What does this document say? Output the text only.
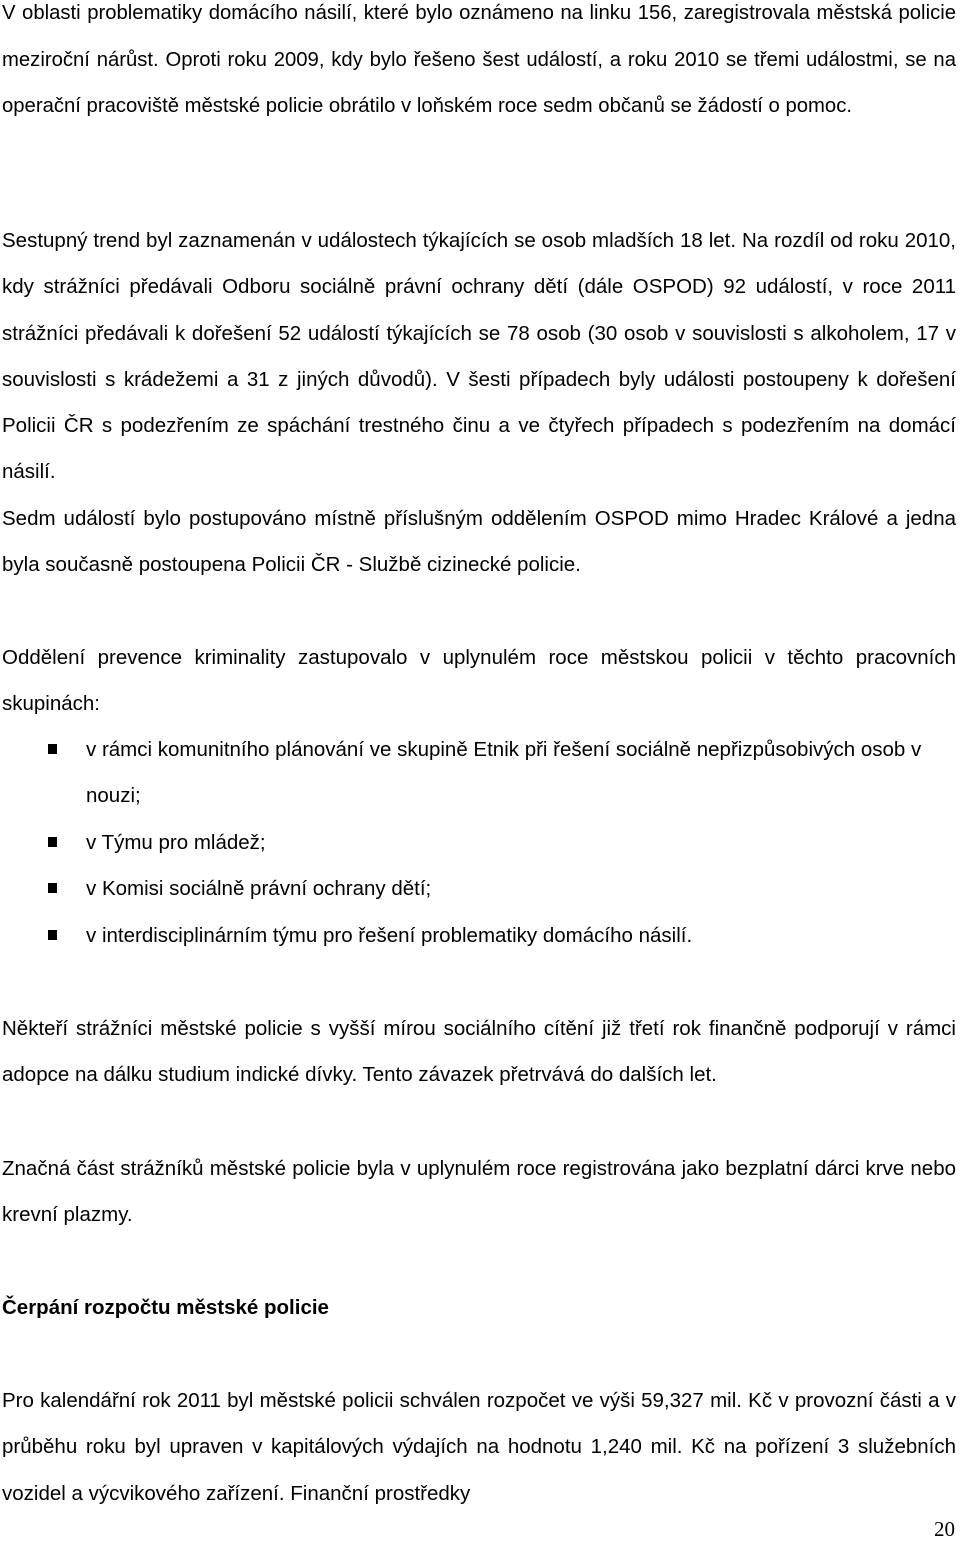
V oblasti problematiky domácího násilí, které bylo oznámeno na linku 156, zaregistrovala městská policie meziroční nárůst. Oproti roku 2009, kdy bylo řešeno šest událostí, a roku 2010 se třemi událostmi, se na operační pracoviště městské policie obrátilo v loňském roce sedm občanů se žádostí o pomoc.

Sestupný trend byl zaznamenán v událostech týkajících se osob mladších 18 let. Na rozdíl od roku 2010, kdy strážníci předávali Odboru sociálně právní ochrany dětí (dále OSPOD) 92 událostí, v roce 2011 strážníci předávali k dořešení 52 událostí týkajících se 78 osob (30 osob v souvislosti s alkoholem, 17 v souvislosti s krádežemi a 31 z jiných důvodů). V šesti případech byly události postoupeny k dořešení Policii ČR s podezřením ze spáchání trestného činu a ve čtyřech případech s podezřením na domácí násilí.

Sedm událostí bylo postupováno místně příslušným oddělením OSPOD mimo Hradec Králové a jedna byla současně postoupena Policii ČR - Službě cizinecké policie.

Oddělení prevence kriminality zastupovalo v uplynulém roce městskou policii v těchto pracovních skupinách:

v rámci komunitního plánování ve skupině Etnik při řešení sociálně nepřizpůsobivých osob v nouzi;
v Týmu pro mládež;
v Komisi sociálně právní ochrany dětí;
v interdisciplinárním týmu pro řešení problematiky domácího násilí.

Někteří strážníci městské policie s vyšší mírou sociálního cítění již třetí rok finančně podporují v rámci adopce na dálku studium indické dívky. Tento závazek přetrvává do dalších let.

Značná část strážníků městské policie byla v uplynulém roce registrována jako bezplatní dárci krve nebo krevní plazmy.

Čerpání rozpočtu městské policie

Pro kalendářní rok 2011 byl městské policii schválen rozpočet ve výši 59,327 mil. Kč v provozní části a v průběhu roku byl upraven v kapitálových výdajích na hodnotu 1,240 mil. Kč na pořízení 3 služebních vozidel a výcvikového zařízení. Finanční prostředky

20
